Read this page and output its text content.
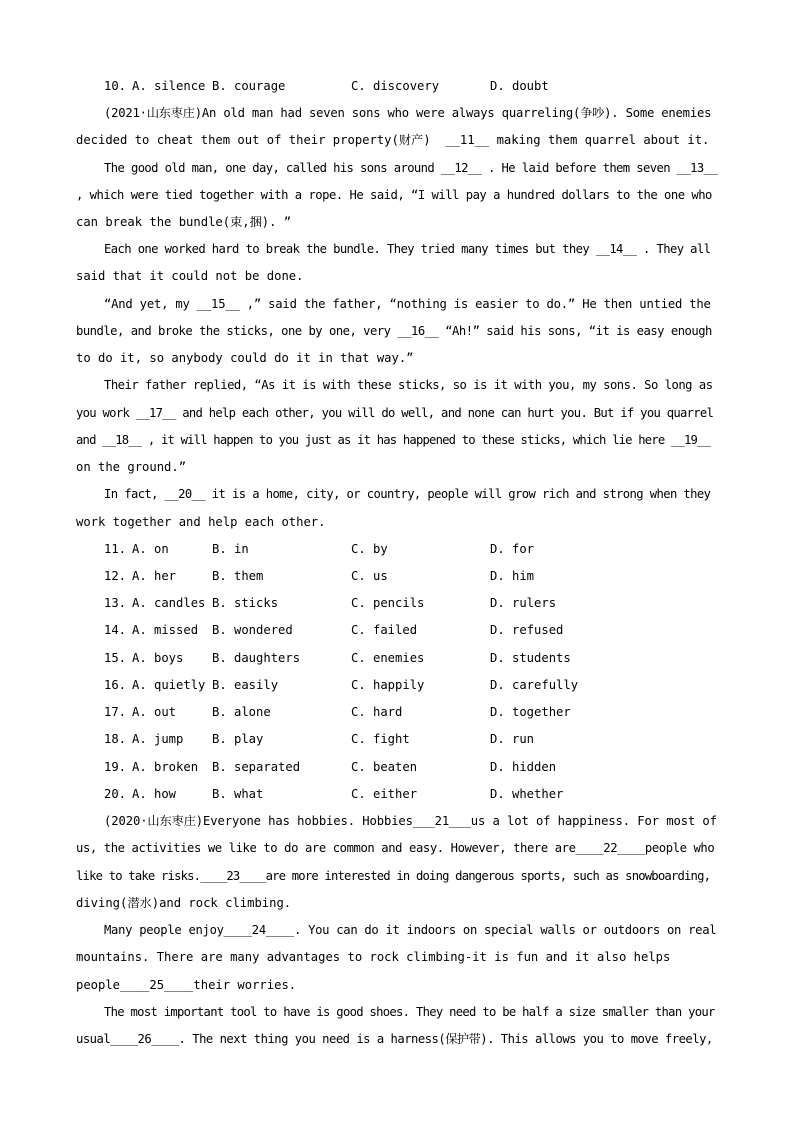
10. A. silence B. courage	C. discovery	D. doubt
(2021·山东枣庄)An old man had seven sons who were always quarreling(争吵). Some enemies
decided to cheat them out of their property(财产)  __11__ making them quarrel about it.
The good old man, one day, called his sons around __12__ . He laid before them seven __13__
, which were tied together with a rope. He said, “I will pay a hundred dollars to the one who
can break the bundle(束,捆). ”
Each one worked hard to break the bundle. They tried many times but they __14__ . They all
said that it could not be done.
“And yet, my __15__ ,” said the father, “nothing is easier to do.” He then untied the
bundle, and broke the sticks, one by one, very __16__ “Ah!” said his sons, “it is easy enough
to do it, so anybody could do it in that way.”
Their father replied, “As it is with these sticks, so is it with you, my sons. So long as
you work __17__ and help each other, you will do well, and none can hurt you. But if you quarrel
and __18__ , it will happen to you just as it has happened to these sticks, which lie here __19__
on the ground.”
In fact, __20__ it is a home, city, or country, people will grow rich and strong when they
work together and help each other.
11. A. on	B. in	C. by	D. for
12. A. her	B. them	C. us	D. him
13. A. candles B. sticks	C. pencils	D. rulers
14. A. missed B. wondered	C. failed	D. refused
15. A. boys B. daughters	C. enemies	D. students
16. A. quietly B. easily	C. happily	D. carefully
17. A. out	B. alone	C. hard	D. together
18. A. jump B. play	C. fight	D. run
19. A. broken B. separated	C. beaten	D. hidden
20. A. how	B. what	C. either	D. whether
(2020·山东枣庄)Everyone has hobbies. Hobbies___21___us a lot of happiness. For most of
us, the activities we like to do are common and easy. However, there are____22____people who
like to take risks.____23____are more interested in doing dangerous sports, such as snowboarding,
diving(潜水)and rock climbing.
Many people enjoy____24____. You can do it indoors on special walls or outdoors on real
mountains. There are many advantages to rock climbing-it is fun and it also helps
people____25____their worries.
The most important tool to have is good shoes. They need to be half a size smaller than your
usual____26____. The next thing you need is a harness(保护带). This allows you to move freely,
